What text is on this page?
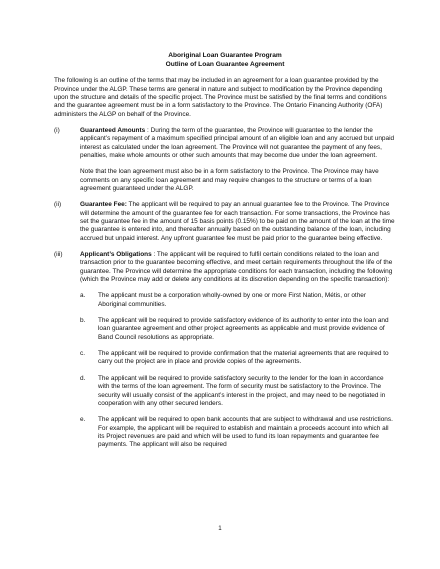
Aboriginal Loan Guarantee Program
Outline of Loan Guarantee Agreement

The following is an outline of the terms that may be included in an agreement for a loan guarantee provided by the Province under the ALGP. These terms are general in nature and subject to modification by the Province depending upon the structure and details of the specific project. The Province must be satisfied by the final terms and conditions and the guarantee agreement must be in a form satisfactory to the Province. The Ontario Financing Authority (OFA) administers the ALGP on behalf of the Province.

(i)	Guaranteed Amounts : During the term of the guarantee, the Province will guarantee to the lender the applicant’s repayment of a maximum specified principal amount of an eligible loan and any accrued but unpaid interest as calculated under the loan agreement. The Province will not guarantee the payment of any fees, penalties, make whole amounts or other such amounts that may become due under the loan agreement.

Note that the loan agreement must also be in a form satisfactory to the Province. The Province may have comments on any specific loan agreement and may require changes to the structure or terms of a loan agreement guaranteed under the ALGP.

(ii)	Guarantee Fee: The applicant will be required to pay an annual guarantee fee to the Province. The Province will determine the amount of the guarantee fee for each transaction. For some transactions, the Province has set the guarantee fee in the amount of 15 basis points (0.15%) to be paid on the amount of the loan at the time the guarantee is entered into, and thereafter annually based on the outstanding balance of the loan, including accrued but unpaid interest. Any upfront guarantee fee must be paid prior to the guarantee being effective.

(iii)	Applicant’s Obligations : The applicant will be required to fulfil certain conditions related to the loan and transaction prior to the guarantee becoming effective, and meet certain requirements throughout the life of the guarantee. The Province will determine the appropriate conditions for each transaction, including the following (which the Province may add or delete any conditions at its discretion depending on the specific transaction):

a. The applicant must be a corporation wholly-owned by one or more First Nation, Métis, or other Aboriginal communities.

b. The applicant will be required to provide satisfactory evidence of its authority to enter into the loan and loan guarantee agreement and other project agreements as applicable and must provide evidence of Band Council resolutions as appropriate.

c. The applicant will be required to provide confirmation that the material agreements that are required to carry out the project are in place and provide copies of the agreements.

d. The applicant will be required to provide satisfactory security to the lender for the loan in accordance with the terms of the loan agreement. The form of security must be satisfactory to the Province. The security will usually consist of the applicant’s interest in the project, and may need to be negotiated in cooperation with any other secured lenders.

e. The applicant will be required to open bank accounts that are subject to withdrawal and use restrictions. For example, the applicant will be required to establish and maintain a proceeds account into which all its Project revenues are paid and which will be used to fund its loan repayments and guarantee fee payments. The applicant will also be required

1
